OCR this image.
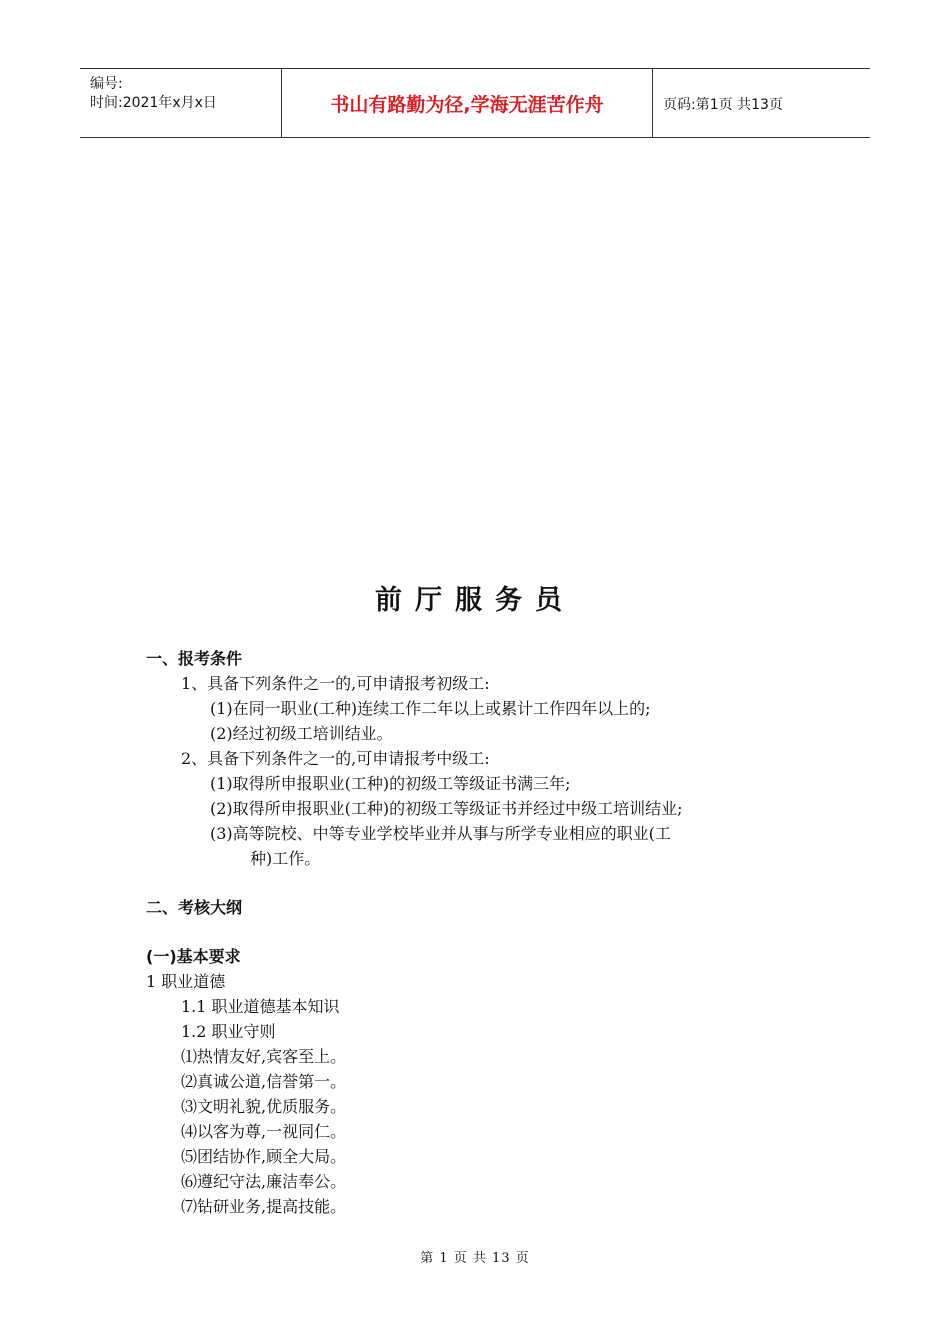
编号:
时间:2021年x月x日	书山有路勤为径,学海无涯苦作舟	页码:第1页 共13页
前厅服务员
一、报考条件
1、具备下列条件之一的,可申请报考初级工:
(1)在同一职业(工种)连续工作二年以上或累计工作四年以上的;
(2)经过初级工培训结业。
2、具备下列条件之一的,可申请报考中级工:
(1)取得所申报职业(工种)的初级工等级证书满三年;
(2)取得所申报职业(工种)的初级工等级证书并经过中级工培训结业;
(3)高等院校、中等专业学校毕业并从事与所学专业相应的职业(工
种)工作。
二、考核大纲
(一)基本要求
1 职业道德
1.1 职业道德基本知识
1.2 职业守则
⑴热情友好,宾客至上。
⑵真诚公道,信誉第一。
⑶文明礼貌,优质服务。
⑷以客为尊,一视同仁。
⑸团结协作,顾全大局。
⑹遵纪守法,廉洁奉公。
⑺钻研业务,提高技能。
第 1 页 共 13 页
